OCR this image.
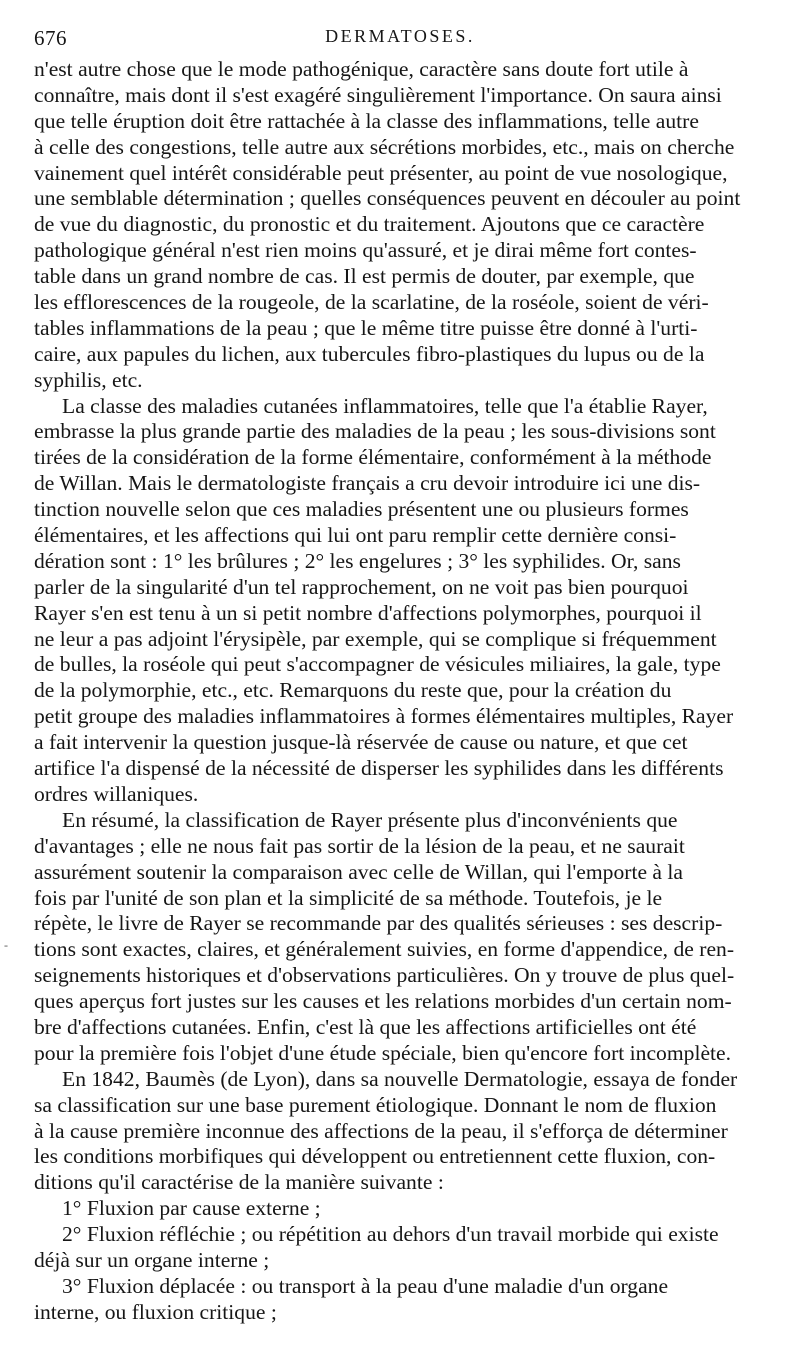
676	DERMATOSES.
-
n'est autre chose que le mode pathogénique, caractère sans doute fort utile à
connaître, mais dont il s'est exagéré singulièrement l'importance. On saura ainsi
que telle éruption doit être rattachée à la classe des inflammations, telle autre
à celle des congestions, telle autre aux sécrétions morbides, etc., mais on cherche
vainement quel intérêt considérable peut présenter, au point de vue nosologique,
une semblable détermination ; quelles conséquences peuvent en découler au point
de vue du diagnostic, du pronostic et du traitement. Ajoutons que ce caractère
pathologique général n'est rien moins qu'assuré, et je dirai même fort contes-
table dans un grand nombre de cas. Il est permis de douter, par exemple, que
les efflorescences de la rougeole, de la scarlatine, de la roséole, soient de véri-
tables inflammations de la peau ; que le même titre puisse être donné à l'urti-
caire, aux papules du lichen, aux tubercules fibro-plastiques du lupus ou de la
syphilis, etc.
La classe des maladies cutanées inflammatoires, telle que l'a établie Rayer,
embrasse la plus grande partie des maladies de la peau ; les sous-divisions sont
tirées de la considération de la forme élémentaire, conformément à la méthode
de Willan. Mais le dermatologiste français a cru devoir introduire ici une dis-
tinction nouvelle selon que ces maladies présentent une ou plusieurs formes
élémentaires, et les affections qui lui ont paru remplir cette dernière consi-
dération sont : 1° les brûlures ; 2° les engelures ; 3° les syphilides. Or, sans
parler de la singularité d'un tel rapprochement, on ne voit pas bien pourquoi
Rayer s'en est tenu à un si petit nombre d'affections polymorphes, pourquoi il
ne leur a pas adjoint l'érysipèle, par exemple, qui se complique si fréquemment
de bulles, la roséole qui peut s'accompagner de vésicules miliaires, la gale, type
de la polymorphie, etc., etc. Remarquons du reste que, pour la création du
petit groupe des maladies inflammatoires à formes élémentaires multiples, Rayer
a fait intervenir la question jusque-là réservée de cause ou nature, et que cet
artifice l'a dispensé de la nécessité de disperser les syphilides dans les différents
ordres willaniques.
En résumé, la classification de Rayer présente plus d'inconvénients que
d'avantages ; elle ne nous fait pas sortir de la lésion de la peau, et ne saurait
assurément soutenir la comparaison avec celle de Willan, qui l'emporte à la
fois par l'unité de son plan et la simplicité de sa méthode. Toutefois, je le
répète, le livre de Rayer se recommande par des qualités sérieuses : ses descrip-
tions sont exactes, claires, et généralement suivies, en forme d'appendice, de ren-
seignements historiques et d'observations particulières. On y trouve de plus quel-
ques aperçus fort justes sur les causes et les relations morbides d'un certain nom-
bre d'affections cutanées. Enfin, c'est là que les affections artificielles ont été
pour la première fois l'objet d'une étude spéciale, bien qu'encore fort incomplète.
En 1842, Baumès (de Lyon), dans sa nouvelle Dermatologie, essaya de fonder
sa classification sur une base purement étiologique. Donnant le nom de fluxion
à la cause première inconnue des affections de la peau, il s'efforça de déterminer
les conditions morbifiques qui développent ou entretiennent cette fluxion, con-
ditions qu'il caractérise de la manière suivante :
1° Fluxion par cause externe ;
2° Fluxion réfléchie ; ou répétition au dehors d'un travail morbide qui existe
déjà sur un organe interne ;
3° Fluxion déplacée : ou transport à la peau d'une maladie d'un organe
interne, ou fluxion critique ;
